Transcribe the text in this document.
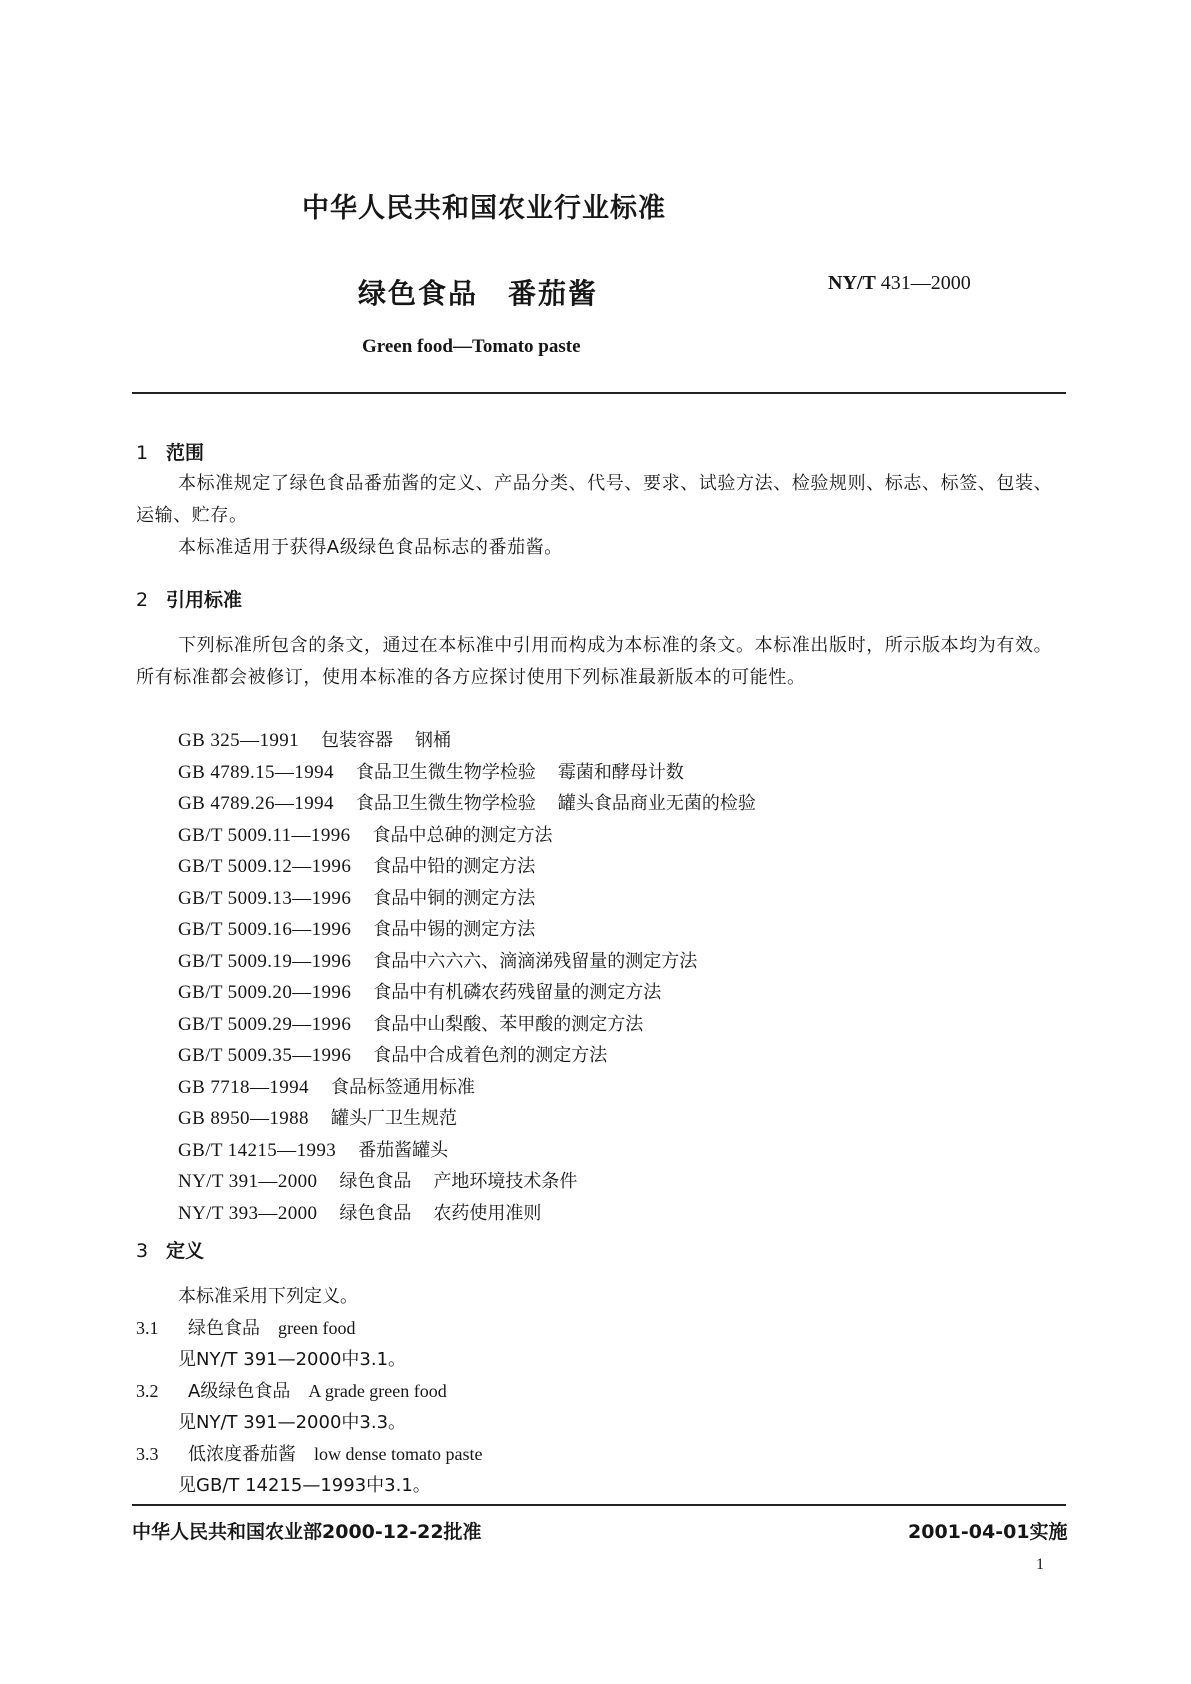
中华人民共和国农业行业标准
绿色食品　番茄酱	NY/T 431—2000
Green food—Tomato paste
1 范围
本标准规定了绿色食品番茄酱的定义、产品分类、代号、要求、试验方法、检验规则、标志、标签、包装、运输、贮存。
本标准适用于获得A级绿色食品标志的番茄酱。
2 引用标准
下列标准所包含的条文，通过在本标准中引用而构成为本标准的条文。本标准出版时，所示版本均为有效。所有标准都会被修订，使用本标准的各方应探讨使用下列标准最新版本的可能性。
GB 325—1991 包装容器 钢桶
GB 4789.15—1994 食品卫生微生物学检验 霉菌和酵母计数
GB 4789.26—1994 食品卫生微生物学检验 罐头食品商业无菌的检验
GB/T 5009.11—1996 食品中总砷的测定方法
GB/T 5009.12—1996 食品中铅的测定方法
GB/T 5009.13—1996 食品中铜的测定方法
GB/T 5009.16—1996 食品中锡的测定方法
GB/T 5009.19—1996 食品中六六六、滴滴涕残留量的测定方法
GB/T 5009.20—1996 食品中有机磷农药残留量的测定方法
GB/T 5009.29—1996 食品中山梨酸、苯甲酸的测定方法
GB/T 5009.35—1996 食品中合成着色剂的测定方法
GB 7718—1994 食品标签通用标准
GB 8950—1988 罐头厂卫生规范
GB/T 14215—1993 番茄酱罐头
NY/T 391—2000 绿色食品 产地环境技术条件
NY/T 393—2000 绿色食品 农药使用准则
3 定义
本标准采用下列定义。
3.1 绿色食品 green food
见NY/T 391—2000中3.1。
3.2 A级绿色食品 A grade green food
见NY/T 391—2000中3.3。
3.3 低浓度番茄酱 low dense tomato paste
见GB/T 14215—1993中3.1。
中华人民共和国农业部2000-12-22批准	2001-04-01实施
1
